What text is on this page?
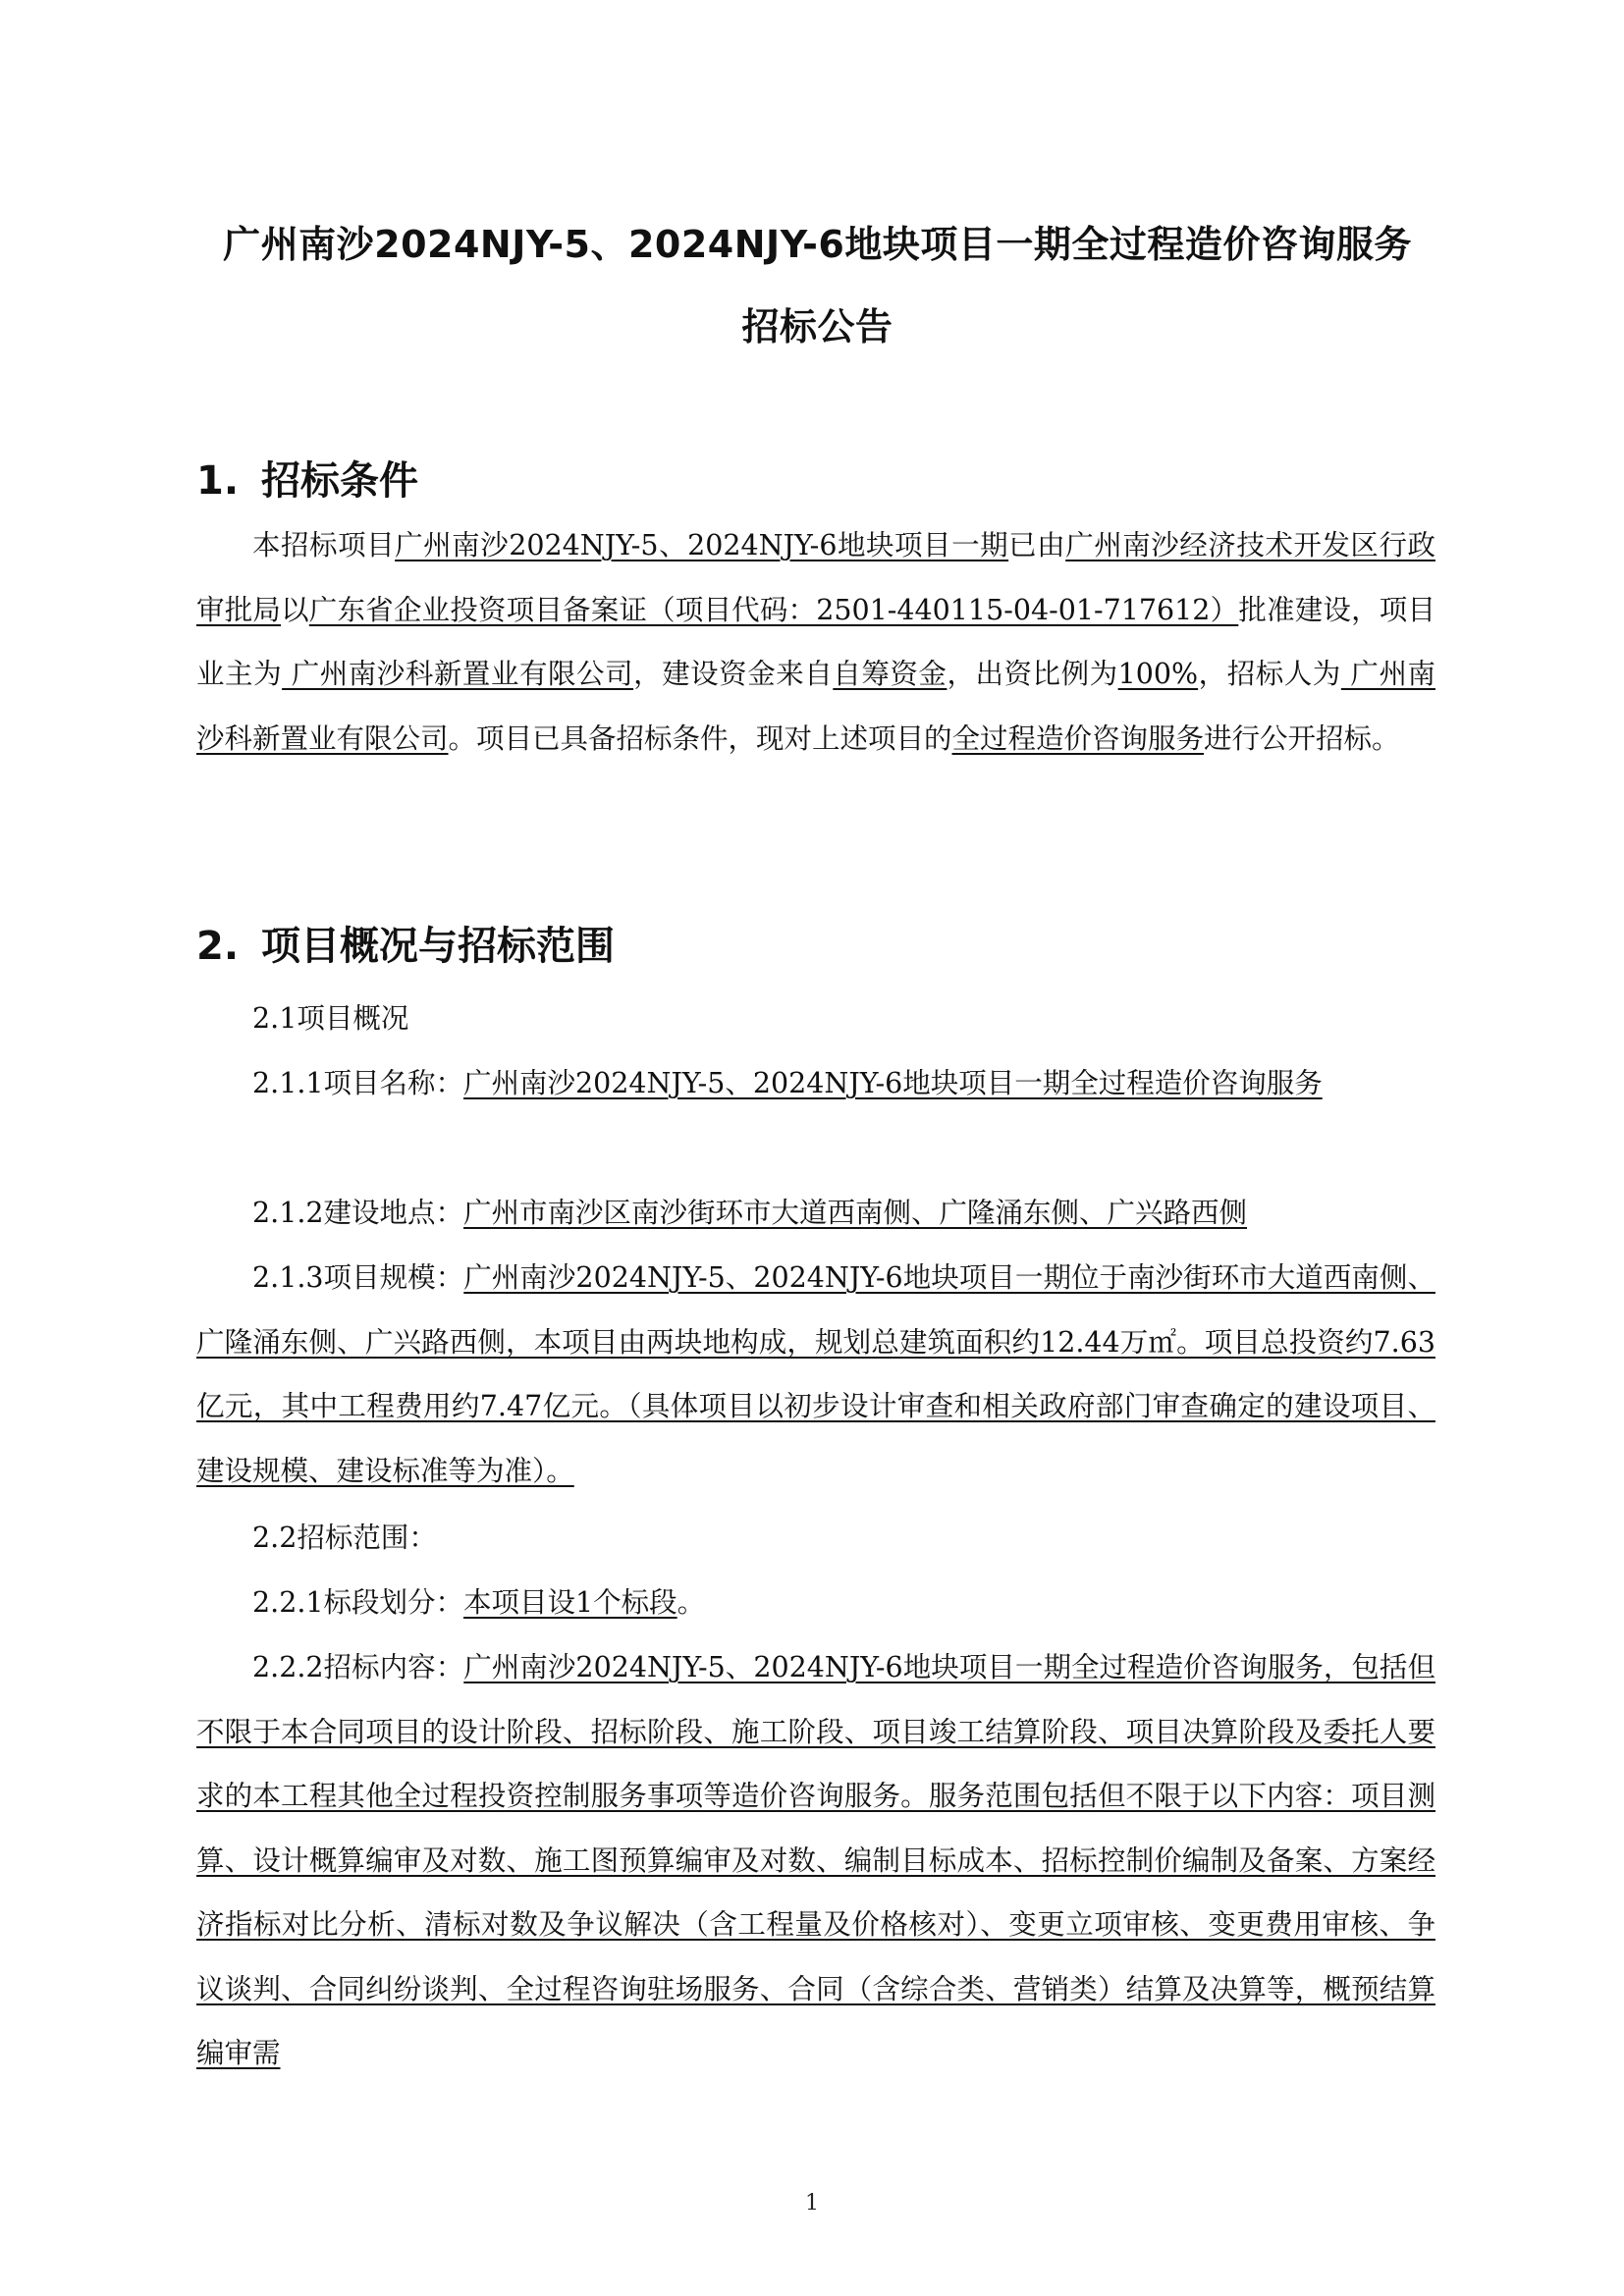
广州南沙2024NJY-5、2024NJY-6地块项目一期全过程造价咨询服务
招标公告
1. 招标条件
本招标项目广州南沙2024NJY-5、2024NJY-6地块项目一期已由广州南沙经济技术开发区行政审批局以广东省企业投资项目备案证（项目代码：2501-440115-04-01-717612）批准建设，项目业主为 广州南沙科新置业有限公司，建设资金来自自筹资金，出资比例为100%，招标人为 广州南沙科新置业有限公司。项目已具备招标条件，现对上述项目的全过程造价咨询服务进行公开招标。
2. 项目概况与招标范围
2.1项目概况
2.1.1项目名称：广州南沙2024NJY-5、2024NJY-6地块项目一期全过程造价咨询服务
2.1.2建设地点：广州市南沙区南沙街环市大道西南侧、广隆涌东侧、广兴路西侧
2.1.3项目规模：广州南沙2024NJY-5、2024NJY-6地块项目一期位于南沙街环市大道西南侧、广隆涌东侧、广兴路西侧，本项目由两块地构成，规划总建筑面积约12.44万㎡。项目总投资约7.63亿元，其中工程费用约7.47亿元。（具体项目以初步设计审查和相关政府部门审查确定的建设项目、建设规模、建设标准等为准）。
2.2招标范围：
2.2.1标段划分：本项目设1个标段。
2.2.2招标内容：广州南沙2024NJY-5、2024NJY-6地块项目一期全过程造价咨询服务，包括但不限于本合同项目的设计阶段、招标阶段、施工阶段、项目竣工结算阶段、项目决算阶段及委托人要求的本工程其他全过程投资控制服务事项等造价咨询服务。服务范围包括但不限于以下内容：项目测算、设计概算编审及对数、施工图预算编审及对数、编制目标成本、招标控制价编制及备案、方案经济指标对比分析、清标对数及争议解决（含工程量及价格核对）、变更立项审核、变更费用审核、争议谈判、合同纠纷谈判、全过程咨询驻场服务、合同（含综合类、营销类）结算及决算等，概预结算编审需
1
